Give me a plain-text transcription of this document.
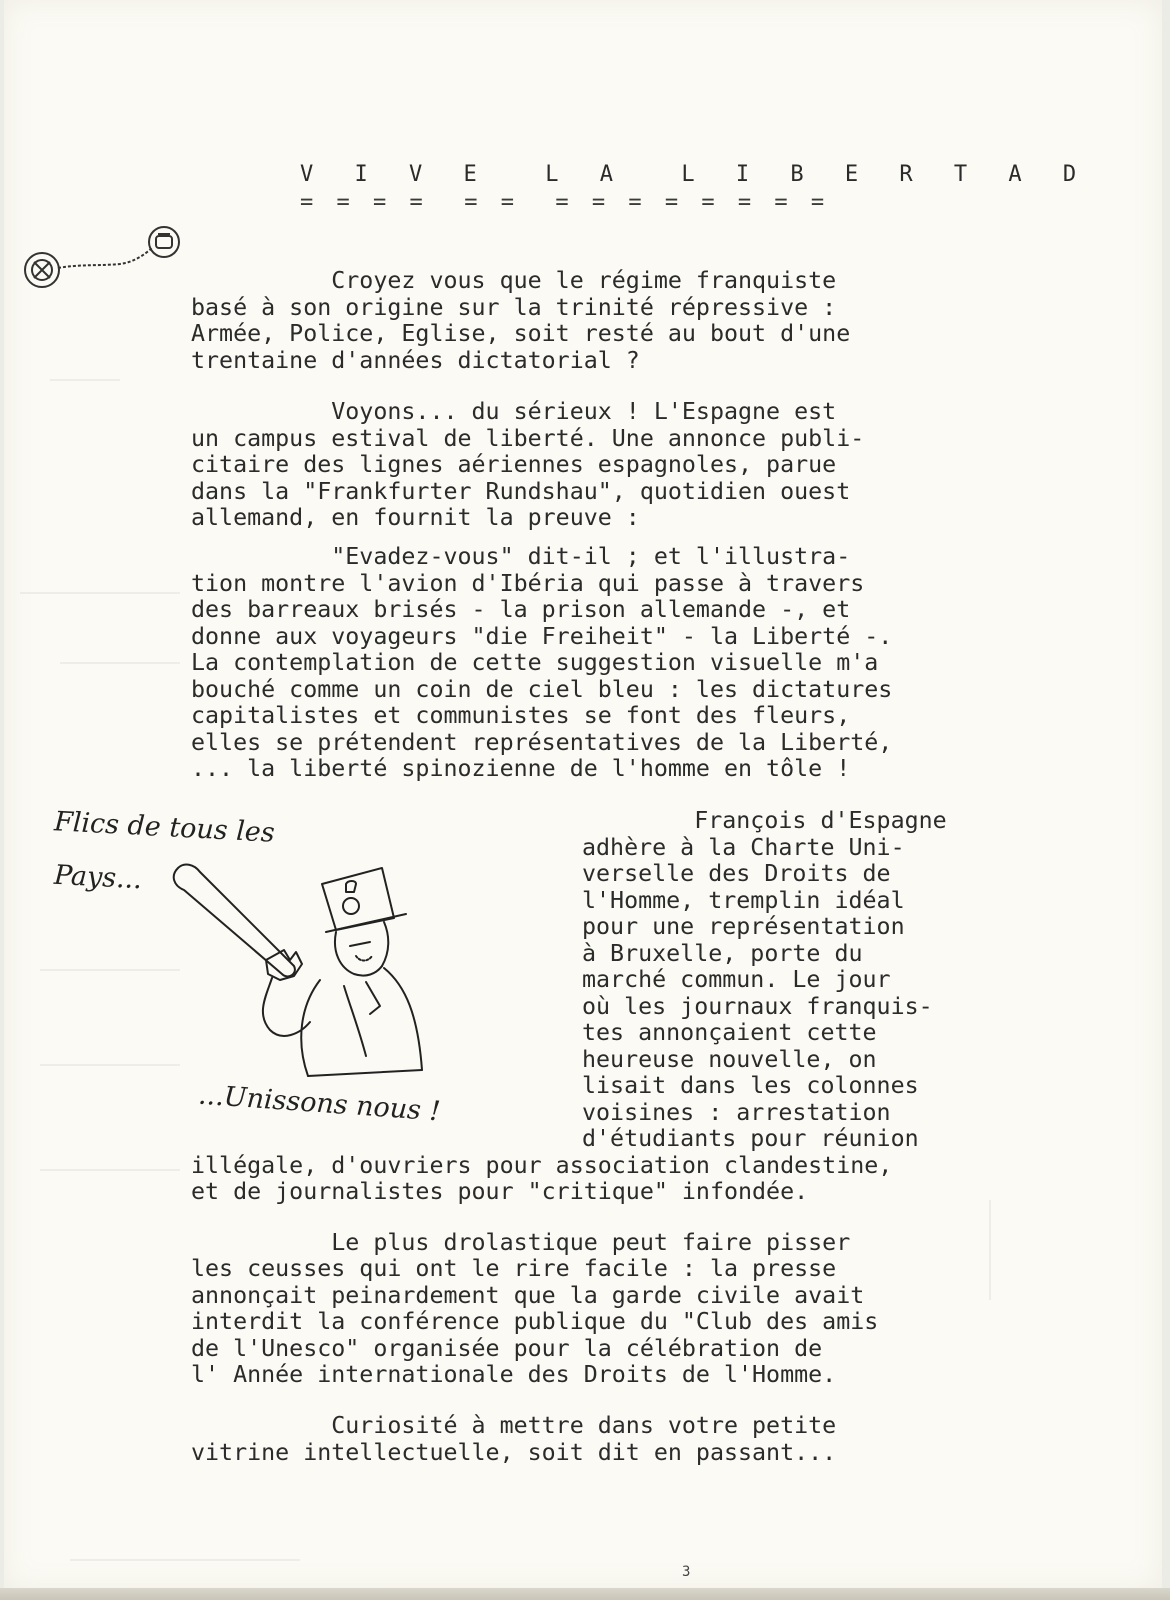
V I V E  L A  L I B E R T A D
= = = =  = =  = = = = = = = =
Croyez vous que le régime franquiste
basé à son origine sur la trinité répressive :
Armée, Police, Eglise, soit resté au bout d'une
trentaine d'années dictatorial ?
Voyons... du sérieux ! L'Espagne est
un campus estival de liberté. Une annonce publi-
citaire des lignes aériennes espagnoles, parue
dans la "Frankfurter Rundshau", quotidien ouest
allemand, en fournit la preuve :
"Evadez-vous" dit-il ; et l'illustra-
tion montre l'avion d'Ibéria qui passe à travers
des barreaux brisés - la prison allemande -, et
donne aux voyageurs "die Freiheit" - la Liberté -.
La contemplation de cette suggestion visuelle m'a
bouché comme un coin de ciel bleu : les dictatures
capitalistes et communistes se font des fleurs,
elles se prétendent représentatives de la Liberté,
... la liberté spinozienne de l'homme en tôle !
François d'Espagne
adhère à la Charte Uni-
verselle des Droits de
l'Homme, tremplin idéal
pour une représentation
à Bruxelle, porte du
marché commun. Le jour
où les journaux franquis-
tes annonçaient cette
heureuse nouvelle, on
lisait dans les colonnes
voisines : arrestation
d'étudiants pour réunion
illégale, d'ouvriers pour association clandestine,
et de journalistes pour "critique" infondée.
Flics de tous les
Pays...
...Unissons nous !
Le plus drolastique peut faire pisser
les ceusses qui ont le rire facile : la presse
annonçait peinardement que la garde civile avait
interdit la conférence publique du "Club des amis
de l'Unesco" organisée pour la célébration de
l' Année internationale des Droits de l'Homme.
Curiosité à mettre dans votre petite
vitrine intellectuelle, soit dit en passant...
3
